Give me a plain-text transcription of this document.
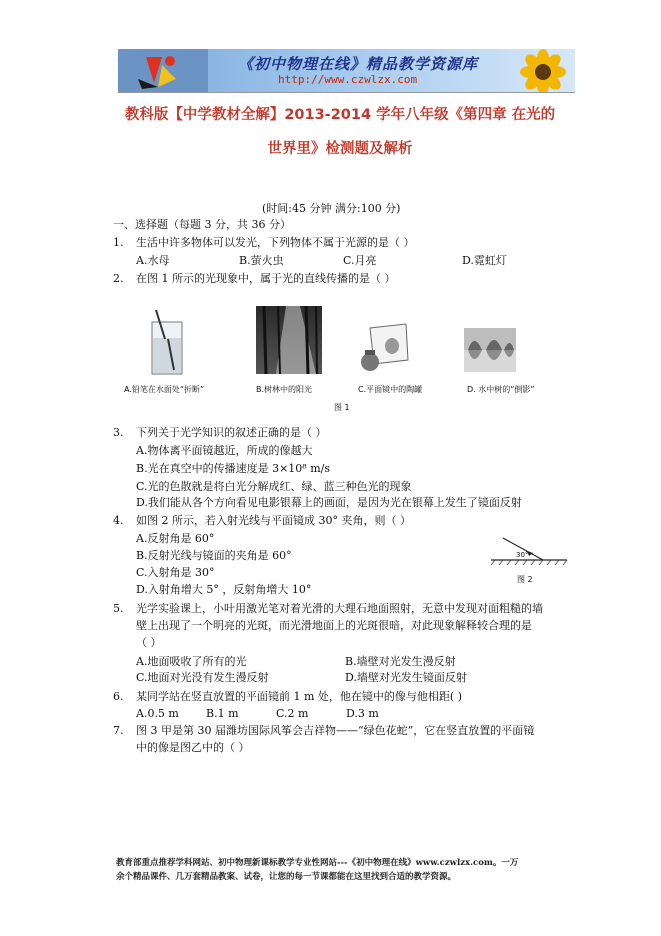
《初中物理在线》精品教学资源库
http://www.czwlzx.com
教科版【中学教材全解】2013-2014 学年八年级《第四章 在光的
世界里》检测题及解析
(时间:45 分钟 满分:100 分)
一、选择题（每题 3 分，共 36 分）
1. 生活中许多物体可以发光，下列物体不属于光源的是（ ）
A.水母	B.萤火虫	C.月亮	D.霓虹灯
2. 在图 1 所示的光现象中，属于光的直线传播的是（ ）
A.铅笔在水面处“折断”	B.树林中的阳光	C.平面镜中的陶罐	D. 水中树的“倒影”
图 1
3. 下列关于光学知识的叙述正确的是（ ）
A.物体离平面镜越近，所成的像越大
B.光在真空中的传播速度是 3×10⁸ m/s
C.光的色散就是将白光分解成红、绿、蓝三种色光的现象
D.我们能从各个方向看见电影银幕上的画面，是因为光在银幕上发生了镜面反射
4. 如图 2 所示，若入射光线与平面镜成 30° 夹角，则（ ）
A.反射角是 60°
B.反射光线与镜面的夹角是 60°
C.入射角是 30°
D.入射角增大 5° ，反射角增大 10°
30°
图 2
5. 光学实验课上，小叶用激光笔对着光滑的大理石地面照射，无意中发现对面粗糙的墙
壁上出现了一个明亮的光斑，而光滑地面上的光斑很暗，对此现象解释较合理的是
（ ）
A.地面吸收了所有的光	B.墙壁对光发生漫反射
C.地面对光没有发生漫反射	D.墙壁对光发生镜面反射
6. 某同学站在竖直放置的平面镜前 1 m 处，他在镜中的像与他相距( )
A.0.5 m B.1 m	C.2 m	D.3 m
7. 图 3 甲是第 30 届潍坊国际风筝会吉祥物——“绿色花蛇”，它在竖直放置的平面镜
中的像是图乙中的（ ）
教育部重点推荐学科网站、初中物理新课标教学专业性网站---《初中物理在线》www.czwlzx.com。一万
余个精品课件、几万套精品教案、试卷，让您的每一节课都能在这里找到合适的教学资源。
